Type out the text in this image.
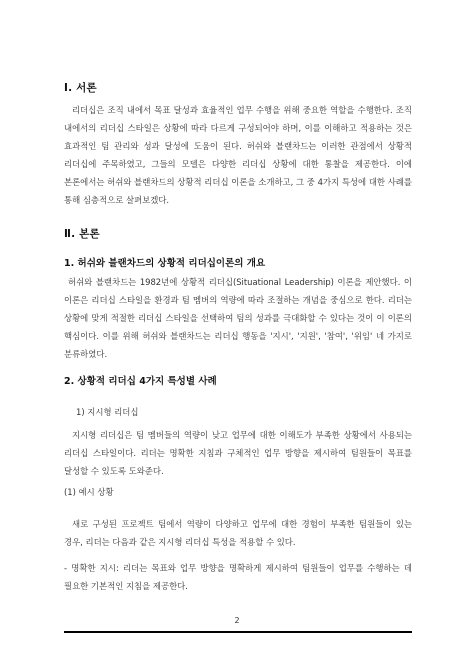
Ⅰ. 서론
리더십은 조직 내에서 목표 달성과 효율적인 업무 수행을 위해 중요한 역할을 수행한다. 조직 내에서의 리더십 스타일은 상황에 따라 다르게 구성되어야 하며, 이를 이해하고 적용하는 것은 효과적인 팀 관리와 성과 달성에 도움이 된다. 허쉬와 블랜차드는 이러한 관점에서 상황적 리더십에 주목하였고, 그들의 모델은 다양한 리더십 상황에 대한 통찰을 제공한다. 이에 본론에서는 허쉬와 블랜차드의 상황적 리더십 이론을 소개하고, 그 중 4가지 특성에 대한 사례를 통해 심층적으로 살펴보겠다.
Ⅱ. 본론
1. 허쉬와 블랜차드의 상황적 리더십이론의 개요
허쉬와 블랜차드는 1982년에 상황적 리더십(Situational Leadership) 이론을 제안했다. 이 이론은 리더십 스타일을 환경과 팀 멤버의 역량에 따라 조절하는 개념을 중심으로 한다. 리더는 상황에 맞게 적절한 리더십 스타일을 선택하여 팀의 성과를 극대화할 수 있다는 것이 이 이론의 핵심이다. 이를 위해 허쉬와 블랜차드는 리더십 행동을 '지시', '지원', '참여', '위임' 네 가지로 분류하였다.
2. 상황적 리더십 4가지 특성별 사례
1) 지시형 리더십
지시형 리더십은 팀 멤버들의 역량이 낮고 업무에 대한 이해도가 부족한 상황에서 사용되는 리더십 스타일이다. 리더는 명확한 지침과 구체적인 업무 방향을 제시하여 팀원들이 목표를 달성할 수 있도록 도와준다.
(1) 예시 상황
새로 구성된 프로젝트 팀에서 역량이 다양하고 업무에 대한 경험이 부족한 팀원들이 있는 경우, 리더는 다음과 같은 지시형 리더십 특성을 적용할 수 있다.
- 명확한 지시: 리더는 목표와 업무 방향을 명확하게 제시하여 팀원들이 업무를 수행하는 데 필요한 기본적인 지침을 제공한다.
2
